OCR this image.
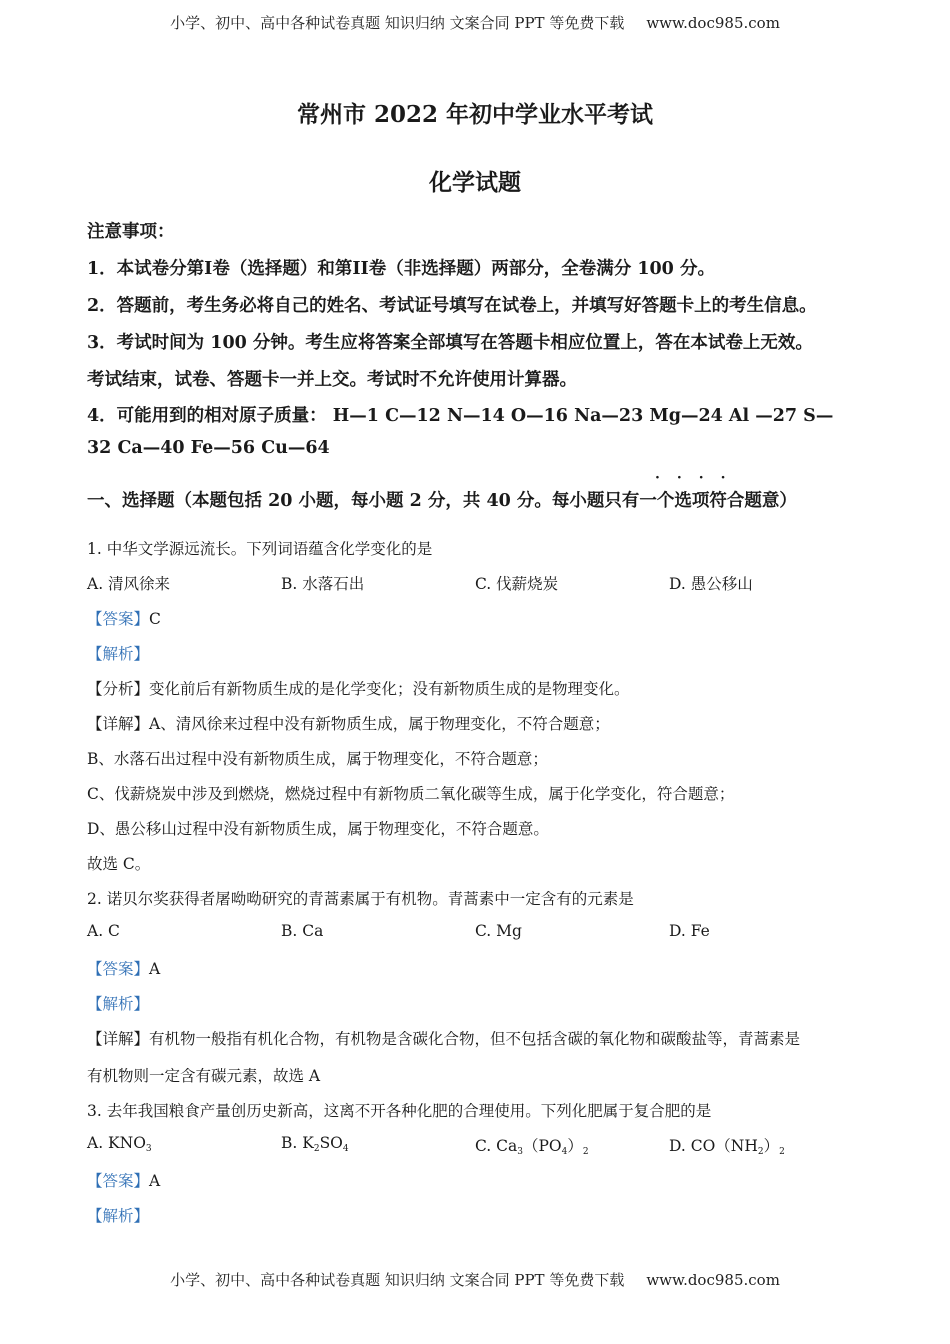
小学、初中、高中各种试卷真题 知识归纳 文案合同 PPT 等免费下载 www.doc985.com
常州市 2022 年初中学业水平考试
化学试题
注意事项：
1．本试卷分第I卷（选择题）和第II卷（非选择题）两部分，全卷满分 100 分。
2．答题前，考生务必将自己的姓名、考试证号填写在试卷上，并填写好答题卡上的考生信息。
3．考试时间为 100 分钟。考生应将答案全部填写在答题卡相应位置上，答在本试卷上无效。
考试结束，试卷、答题卡一并上交。考试时不允许使用计算器。
4．可能用到的相对原子质量： H—1 C—12 N—14 O—16 Na—23 Mg—24 Al —27 S—
32 Ca—40 Fe—56 Cu—64
····
一、选择题（本题包括 20 小题，每小题 2 分，共 40 分。每小题只有一个选项符合题意）
1. 中华文学源远流长。下列词语蕴含化学变化的是
A. 清风徐来	B. 水落石出	C. 伐薪烧炭	D. 愚公移山
【答案】C
【解析】
【分析】变化前后有新物质生成的是化学变化；没有新物质生成的是物理变化。
【详解】A、清风徐来过程中没有新物质生成，属于物理变化，不符合题意；
B、水落石出过程中没有新物质生成，属于物理变化，不符合题意；
C、伐薪烧炭中涉及到燃烧，燃烧过程中有新物质二氧化碳等生成，属于化学变化，符合题意；
D、愚公移山过程中没有新物质生成，属于物理变化，不符合题意。
故选 C。
2. 诺贝尔奖获得者屠呦呦研究的青蒿素属于有机物。青蒿素中一定含有的元素是
A. C	B. Ca	C. Mg	D. Fe
【答案】A
【解析】
【详解】有机物一般指有机化合物，有机物是含碳化合物，但不包括含碳的氧化物和碳酸盐等，青蒿素是
有机物则一定含有碳元素，故选 A
3. 去年我国粮食产量创历史新高，这离不开各种化肥的合理使用。下列化肥属于复合肥的是
A. $KNO_3$	B. $K_2SO_4$	C. $Ca_3(PO_4)_2$	D. $CO(NH_2)_2$
【答案】A
【解析】
小学、初中、高中各种试卷真题 知识归纳 文案合同 PPT 等免费下载 www.doc985.com
